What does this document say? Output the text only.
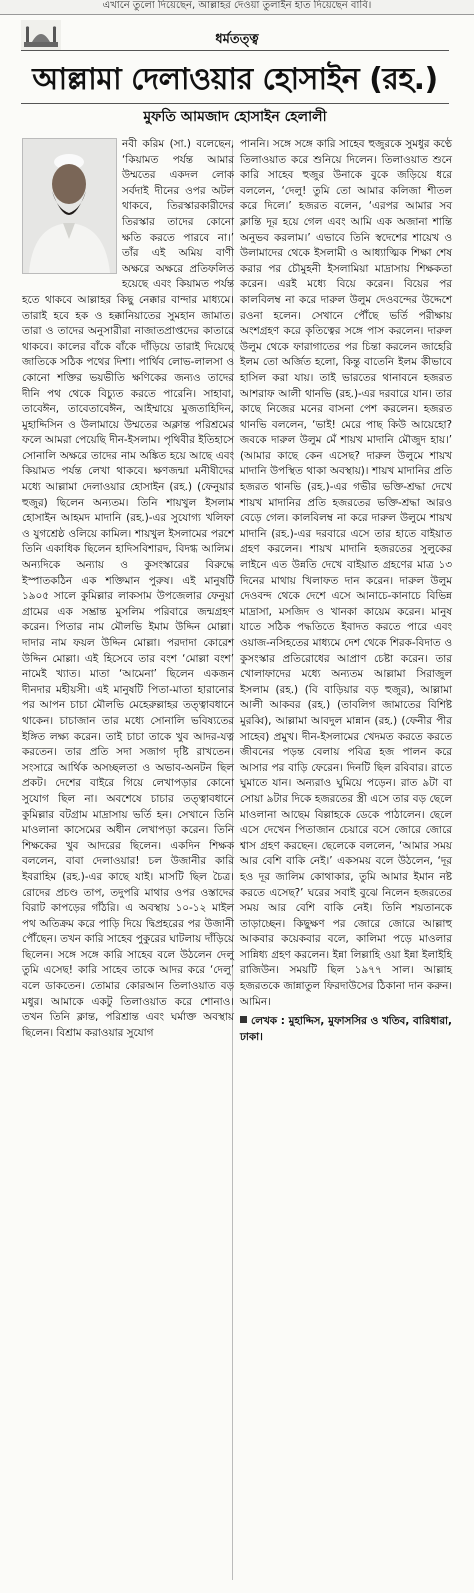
এখানে তুলো দিয়েছেন, আল্লাহর দেওয়া তুলাইন হাত দিয়েছেন বাবি।
ধর্মতত্ত্ব
আল্লামা দেলাওয়ার হোসাইন (রহ.)
মুফতি আমজাদ হোসাইন হেলালী

নবী করিম (সা.) বলেছেন, ‘কিয়ামত পর্যন্ত আমার উম্মতের একদল লোক সর্বদাই দীনের ওপর অটল থাকবে, তিরস্কারকারীদের তিরস্কার তাদের কোনো ক্ষতি করতে পারবে না।’ তাঁর এই অমিয় বাণী অক্ষরে অক্ষরে প্রতিফলিত হয়েছে এবং কিয়ামত পর্যন্ত হতে থাকবে আল্লাহর কিছু নেক্কার বান্দার মাধ্যমে। তারাই হবে হক ও হক্কানিয়াতের সুমহান জামাত। তারা ও তাদের অনুসারীরা নাজাতপ্রাপ্তদের কাতারে থাকবে। কালের বাঁকে বাঁকে দাঁড়িয়ে তারাই দিয়েছে জাতিকে সঠিক পথের দিশা। পার্থিব লোভ-লালসা ও কোনো শক্তির ভয়ভীতি ক্ষণিকের জন্যও তাদের দীনি পথ থেকে বিচ্যুত করতে পারেনি। সাহাবা, তাবেঈন, তাবেতাবেঈন, আইম্মায়ে মুজতাহিদিন, মুহাদ্দিসিন ও উলামায়ে উম্মতের অক্লান্ত পরিশ্রমের ফলে আমরা পেয়েছি দীন-ইসলাম। পৃথিবীর ইতিহাসে সোনালি অক্ষরে তাদের নাম অঙ্কিত হয়ে আছে এবং কিয়ামত পর্যন্ত লেখা থাকবে। ক্ষণজন্মা মনীষীদের মধ্যে আল্লামা দেলাওয়ার হোসাইন (রহ.) (ফেনুয়ার হুজুর) ছিলেন অন্যতম। তিনি শায়খুল ইসলাম হোসাইন আহমদ মাদানি (রহ.)-এর সুযোগ্য খলিফা ও যুগশ্রেষ্ঠ ওলিয়ে কামিল। শায়খুল ইসলামের পরশে তিনি একাধিক ছিলেন হাদিসবিশারদ, বিদগ্ধ আলিম। অন্যদিকে অন্যায় ও কুসংস্কারের বিরুদ্ধে ইস্পাতকঠিন এক শক্তিমান পুরুষ। এই মানুষটি ১৯০৫ সালে কুমিল্লার লাকসাম উপজেলার ফেনুয়া গ্রামের এক সম্ভ্রান্ত মুসলিম পরিবারে জন্মগ্রহণ করেন। পিতার নাম মৌলভি ইমাম উদ্দিন মোল্লা। দাদার নাম ফয়ল উদ্দিন মোল্লা। পরদাদা কোরেশ উদ্দিন মোল্লা। এই হিসেবে তার বংশ ‘মোল্লা বংশ’ নামেই খ্যাত। মাতা ‘আমেনা’ ছিলেন একজন দীনদার মহীয়সী। এই মানুষটি পিতা-মাতা হারানোর পর আপন চাচা মৌলভি মেহেরুল্লাহর তত্ত্বাবধানে থাকেন। চাচাজান তার মধ্যে সোনালি ভবিষ্যতের ইঙ্গিত লক্ষ্য করেন। তাই চাচা তাকে খুব আদর-যত্ন করতেন। তার প্রতি সদা সজাগ দৃষ্টি রাখতেন। সংসারে আর্থিক অসচ্ছলতা ও অভাব-অনটন ছিল প্রকট। দেশের বাইরে গিয়ে লেখাপড়ার কোনো সুযোগ ছিল না। অবশেষে চাচার তত্ত্বাবধানে কুমিল্লার বটগ্রাম মাদ্রাসায় ভর্তি হন। সেখানে তিনি মাওলানা কাসেমের অধীন লেখাপড়া করেন। তিনি শিক্ষকের খুব আদরের ছিলেন। একদিন শিক্ষক বললেন, বাবা দেলাওয়ার! চল উজানীর কারি ইবরাহিম (রহ.)-এর কাছে যাই। মাসটি ছিল চৈত্র। রোদের প্রচণ্ড তাপ, তদুপরি মাথার ওপর ওস্তাদের বিরাট কাপড়ের গাঁঠরি। এ অবস্থায় ১০-১২ মাইল পথ অতিক্রম করে পাড়ি দিয়ে দ্বিপ্রহরের পর উজানী পৌঁছেন। তখন কারি সাহেব পুকুরের ঘাটলায় দাঁড়িয়ে ছিলেন। সঙ্গে সঙ্গে কারি সাহেব বলে উঠলেন দেলু তুমি এসেছ! কারি সাহেব তাকে আদর করে ‘দেলু’ বলে ডাকতেন। তোমার কোরআন তিলাওয়াত বড় মধুর। আমাকে একটু তিলাওয়াত করে শোনাও। তখন তিনি ক্লান্ত, পরিশ্রান্ত এবং ঘর্মাক্ত অবস্থায় ছিলেন। বিশ্রাম করাওয়ার সুযোগ

পাননি। সঙ্গে সঙ্গে কারি সাহেব হুজুরকে সুমধুর কণ্ঠে তিলাওয়াত করে শুনিয়ে দিলেন। তিলাওয়াত শুনে কারি সাহেব হুজুর উনাকে বুকে জড়িয়ে ধরে বললেন, ‘দেলু! তুমি তো আমার কলিজা শীতল করে দিলে।’ হজরত বলেন, ‘এরপর আমার সব ক্লান্তি দূর হয়ে গেল এবং আমি এক অজানা শান্তি অনুভব করলাম।’ এভাবে তিনি স্বদেশের শায়েখ ও উলামাদের থেকে ইসলামী ও আধ্যাত্মিক শিক্ষা শেষ করার পর চৌমুহনী ইসলামিয়া মাদ্রাসায় শিক্ষকতা করেন। এরই মধ্যে বিয়ে করেন। বিয়ের পর কালবিলম্ব না করে দারুল উলুম দেওবন্দের উদ্দেশে রওনা হলেন। সেখানে পৌঁছে ভর্তি পরীক্ষায় অংশগ্রহণ করে কৃতিত্বের সঙ্গে পাস করলেন। দারুল উলুম থেকে ফারাগাতের পর চিন্তা করলেন জাহেরি ইলম তো অর্জিত হলো, কিন্তু বাতেনি ইলম কীভাবে হাসিল করা যায়। তাই ভারতের থানাবনে হজরত আশরাফ আলী থানভি (রহ.)-এর দরবারে যান। তার কাছে নিজের মনের বাসনা পেশ করলেন। হজরত থানভি বললেন, ‘ভাই! মেরে পাছ কিউ আয়েহো? জবকে দারুল উলুম মেঁ শায়খ মাদানি মৌজুদ হায়।’ (আমার কাছে কেন এসেছ? দারুল উলুমে শায়খ মাদানি উপস্থিত থাকা অবস্থায়)। শায়খ মাদানির প্রতি হজরত থানভি (রহ.)-এর গভীর ভক্তি-শ্রদ্ধা দেখে শায়খ মাদানির প্রতি হজরতের ভক্তি-শ্রদ্ধা আরও বেড়ে গেল। কালবিলম্ব না করে দারুল উলুমে শায়খ মাদানি (রহ.)-এর দরবারে এসে তার হাতে বাইয়াত গ্রহণ করলেন। শায়খ মাদানি হজরতের সুলুকের লাইনে এত উন্নতি দেখে বাইয়াত গ্রহণের মাত্র ১৩ দিনের মাথায় খিলাফত দান করেন। দারুল উলুম দেওবন্দ থেকে দেশে এসে আনাচে-কানাচে বিভিন্ন মাদ্রাসা, মসজিদ ও খানকা কায়েম করেন। মানুষ যাতে সঠিক পদ্ধতিতে ইবাদত করতে পারে এবং ওয়াজ-নসিহতের মাধ্যমে দেশ থেকে শিরক-বিদাত ও কুসংস্কার প্রতিরোধের আপ্রাণ চেষ্টা করেন। তার খোলাফাদের মধ্যে অন্যতম আল্লামা সিরাজুল ইসলাম (রহ.) (বি বাড়িয়ার বড় হুজুর), আল্লামা আলী আকবর (রহ.) (তাবলিগ জামাতের বিশিষ্ট মুরব্বি), আল্লামা আবদুল মান্নান (রহ.) (ফেনীর পীর সাহেব) প্রমুখ। দীন-ইসলামের খেদমত করতে করতে জীবনের পড়ন্ত বেলায় পবিত্র হজ পালন করে আসার পর বাড়ি ফেরেন। দিনটি ছিল রবিবার। রাতে ঘুমাতে যান। অন্যরাও ঘুমিয়ে পড়েন। রাত ৯টা বা সোয়া ৯টার দিকে হজরতের স্ত্রী এসে তার বড় ছেলে মাওলানা আছেম বিল্লাহকে ডেকে পাঠালেন। ছেলে এসে দেখেন পিতাজান চেয়ারে বসে জোরে জোরে শ্বাস গ্রহণ করছেন। ছেলেকে বললেন, ‘আমার সময় আর বেশি বাকি নেই।’ একসময় বলে উঠলেন, ‘দূর হও দূর জালিম কোথাকার, তুমি আমার ইমান নষ্ট করতে এসেছ?’ ঘরের সবাই বুঝে নিলেন হজরতের সময় আর বেশি বাকি নেই। তিনি শয়তানকে তাড়াচ্ছেন। কিছুক্ষণ পর জোরে জোরে আল্লাহু আকবার কয়েকবার বলে, কালিমা পড়ে মাওলার সান্নিধ্য গ্রহণ করলেন। ইন্না লিল্লাহি ওয়া ইন্না ইলাইহি রাজিউন। সময়টি ছিল ১৯৭৭ সাল। আল্লাহ হজরতকে জান্নাতুল ফিরদাউসের ঠিকানা দান করুন। আমিন।

লেখক : মুহাদ্দিস, মুফাসসির ও খতিব, বারিধারা, ঢাকা।
